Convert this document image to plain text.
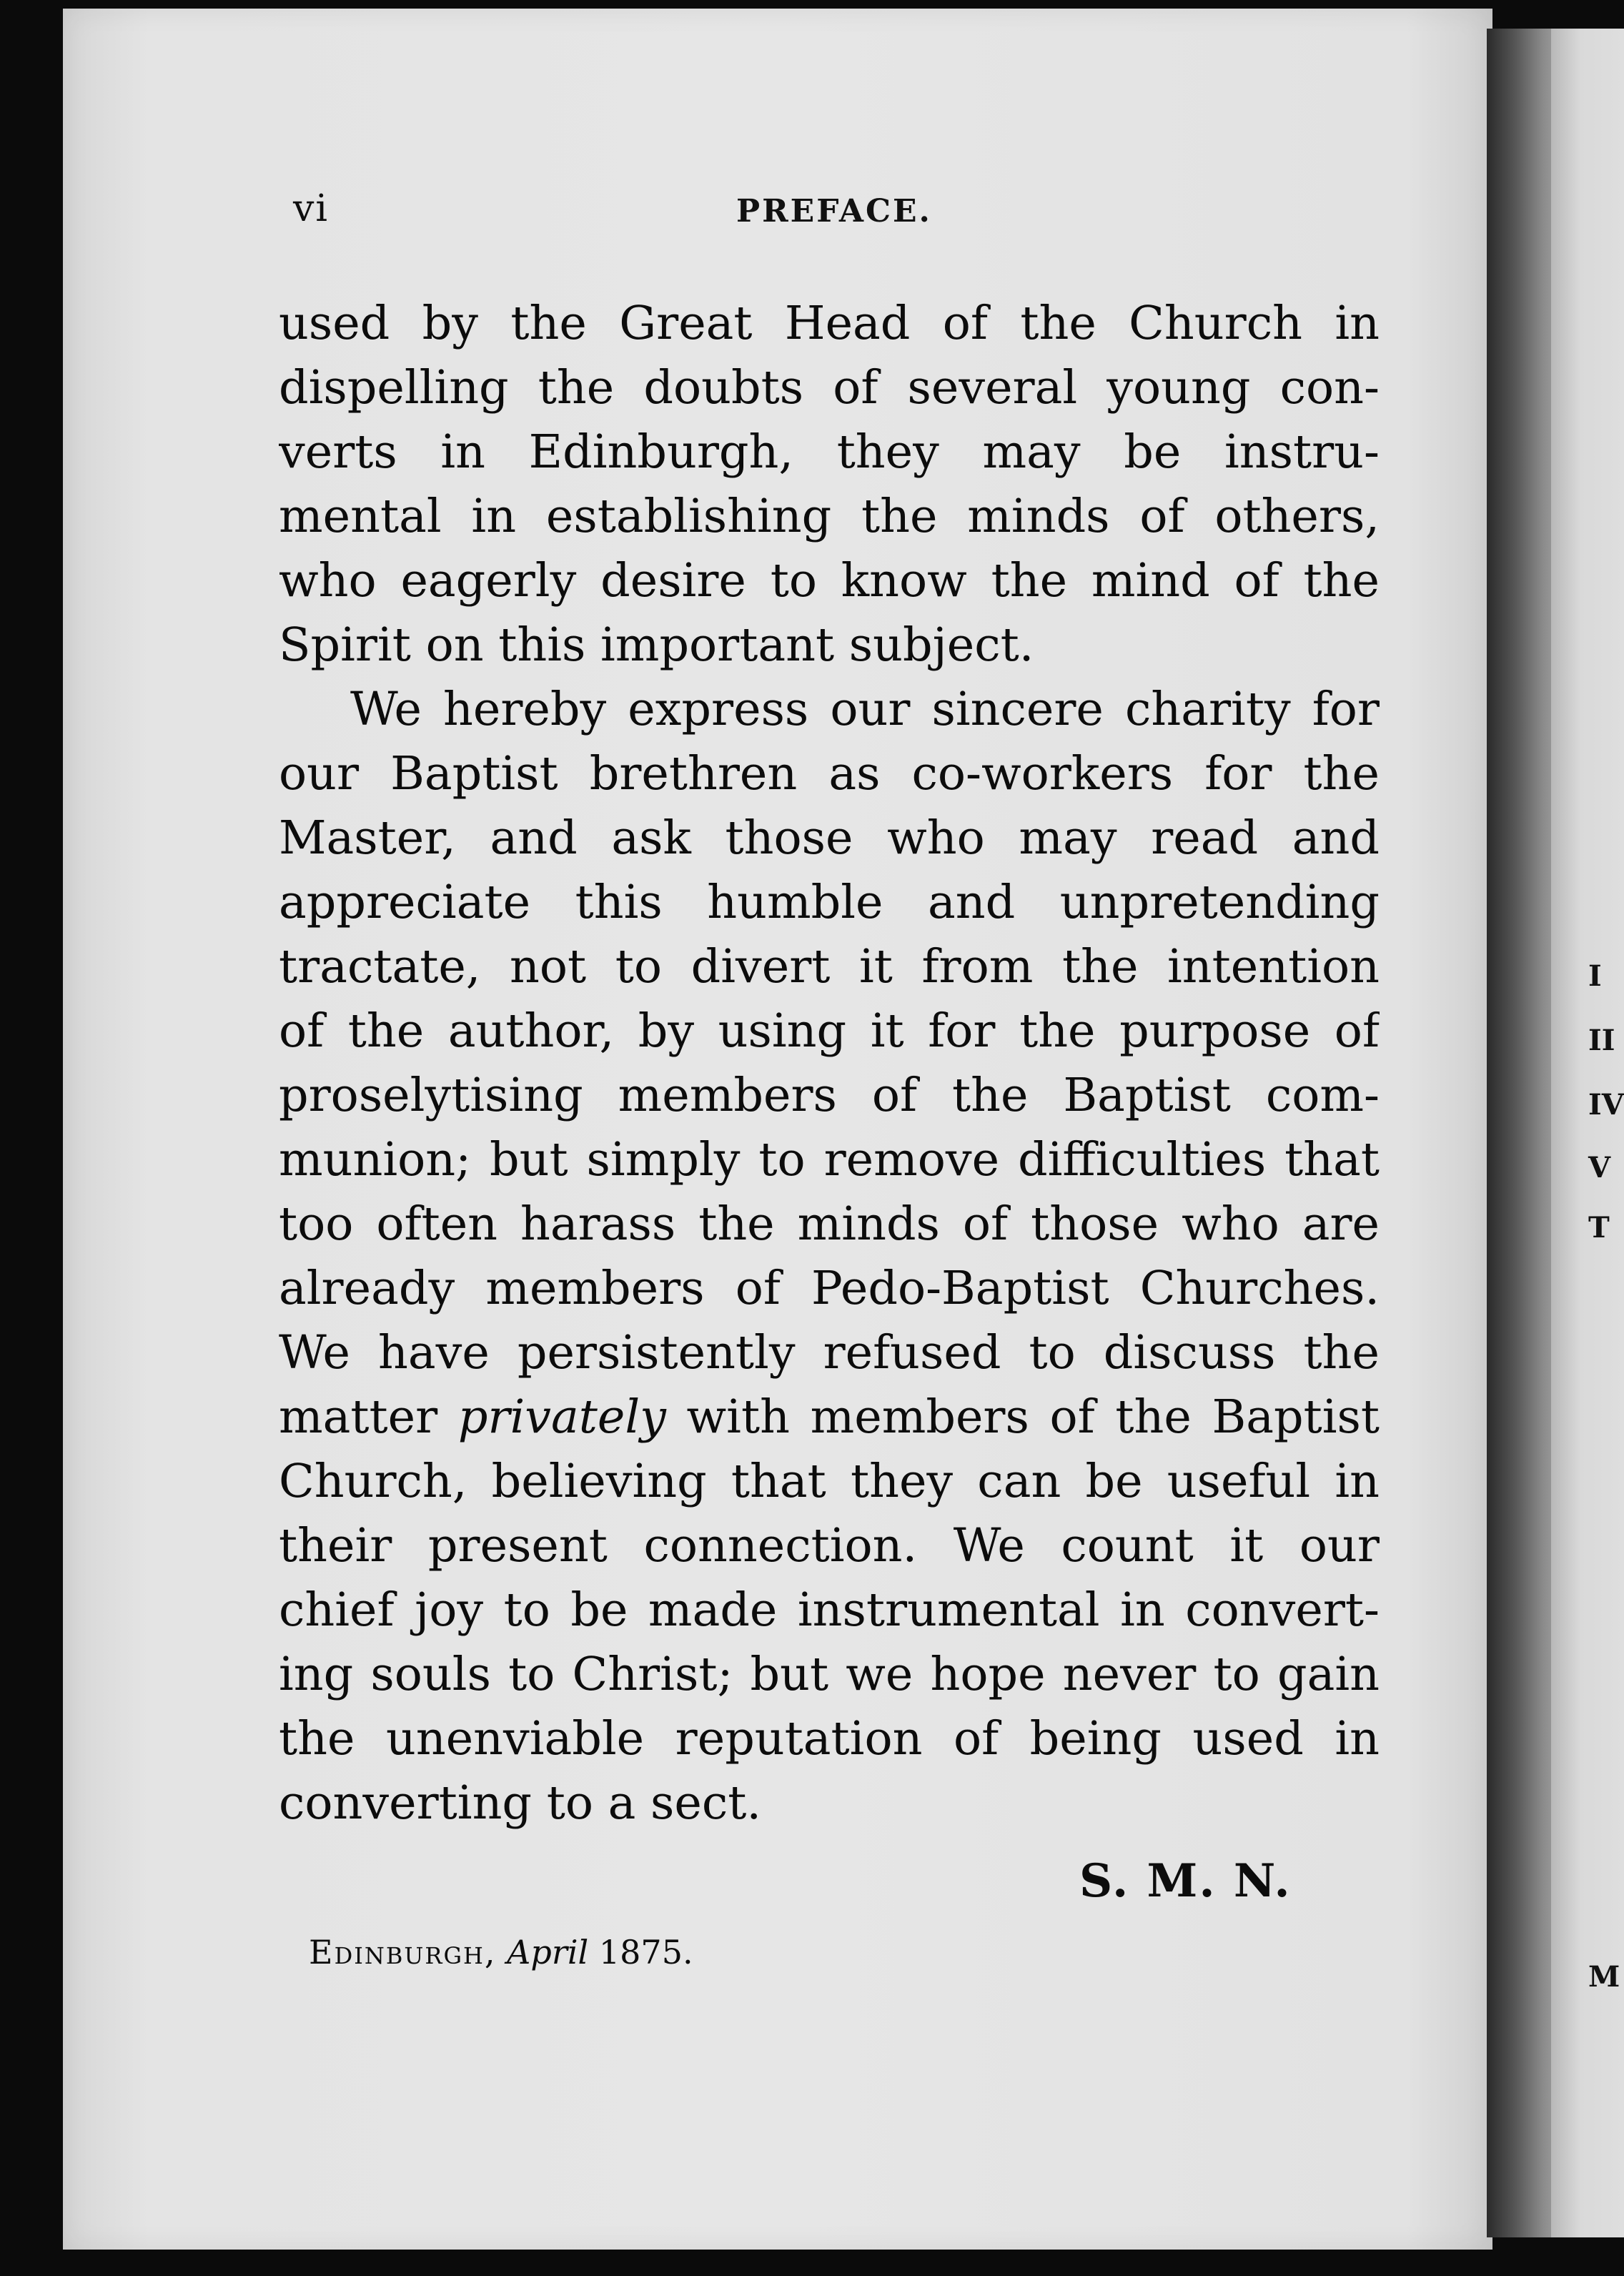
I
II
IV
V
T
M
vi	PREFACE.
used by the Great Head of the Church in
dispelling the doubts of several young con-
verts in Edinburgh, they may be instru-
mental in establishing the minds of others,
who eagerly desire to know the mind of the
Spirit on this important subject.
We hereby express our sincere charity for
our Baptist brethren as co-workers for the
Master, and ask those who may read and
appreciate this humble and unpretending
tractate, not to divert it from the intention
of the author, by using it for the purpose of
proselytising members of the Baptist com-
munion; but simply to remove difficulties that
too often harass the minds of those who are
already members of Pedo-Baptist Churches.
We have persistently refused to discuss the
matter privately with members of the Baptist
Church, believing that they can be useful in
their present connection. We count it our
chief joy to be made instrumental in convert-
ing souls to Christ; but we hope never to gain
the unenviable reputation of being used in
converting to a sect.
S. M. N.
Edinburgh, April 1875.
